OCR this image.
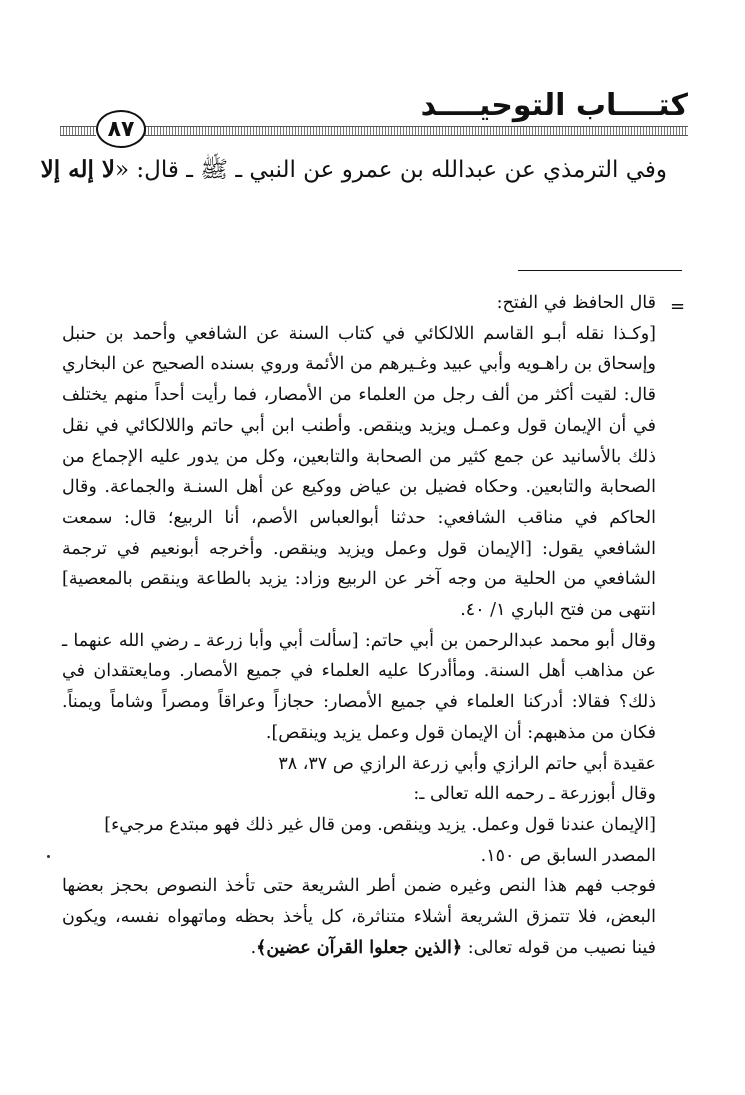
كتــــاب التوحيــــد
٨٧
وفي الترمذي عن عبدالله بن عمرو عن النبي ـ ﷺ ـ قال: «لا إله إلا
=

قال الحافظ في الفتح:

[وكـذا نقله أبـو القاسم اللالكائي في كتاب السنة عن الشافعي وأحمد بن حنبل وإسحاق بن راهـويه وأبي عبيد وغـيرهم من الأئمة وروي بسنده الصحيح عن البخاري قال: لقيت أكثر من ألف رجل من العلماء من الأمصار، فما رأيت أحداً منهم يختلف في أن الإيمان قول وعمـل ويزيد وينقص. وأطنب ابن أبي حاتم واللالكائي في نقل ذلك بالأسانيد عن جمع كثير من الصحابة والتابعين، وكل من يدور عليه الإجماع من الصحابة والتابعين. وحكاه فضيل بن عياض ووكيع عن أهل السنـة والجماعة. وقال الحاكم في مناقب الشافعي: حدثنا أبوالعباس الأصم، أنا الربيع؛ قال: سمعت الشافعي يقول: [الإيمان قول وعمل ويزيد وينقص. وأخرجه أبونعيم في ترجمة الشافعي من الحلية من وجه آخر عن الربيع وزاد: يزيد بالطاعة وينقص بالمعصية] انتهى من فتح الباري ١/ ٤٠.

وقال أبو محمد عبدالرحمن بن أبي حاتم: [سألت أبي وأبا زرعة ـ رضي الله عنهما ـ عن مذاهب أهل السنة. ومأأدركا عليه العلماء في جميع الأمصار. ومايعتقدان في ذلك؟ فقالا: أدركنا العلماء في جميع الأمصار: حجازاً وعراقاً ومصراً وشاماً ويمناً. فكان من مذهبهم: أن الإيمان قول وعمل يزيد وينقص].

عقيدة أبي حاتم الرازي وأبي زرعة الرازي ص ٣٧، ٣٨

وقال أبوزرعة ـ رحمه الله تعالى ـ:

[الإيمان عندنا قول وعمل. يزيد وينقص. ومن قال غير ذلك فهو مبتدع مرجيء]

المصدر السابق ص ١٥٠.

فوجب فهم هذا النص وغيره ضمن أطر الشريعة حتى تأخذ النصوص بحجز بعضها البعض، فلا تتمزق الشريعة أشلاء متناثرة، كل يأخذ بحظه وماتهواه نفسه، ويكون فينا نصيب من قوله تعالى: ﴿الذين جعلوا القرآن عضين﴾.
